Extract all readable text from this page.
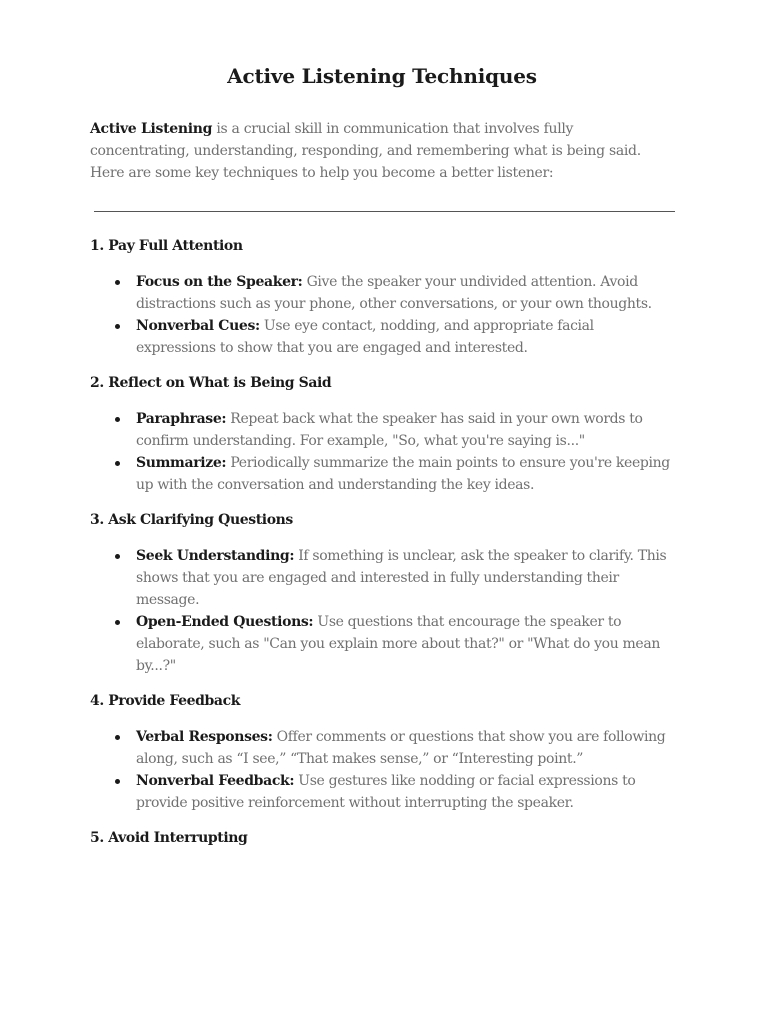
Active Listening Techniques

Active Listening is a crucial skill in communication that involves fully concentrating, understanding, responding, and remembering what is being said. Here are some key techniques to help you become a better listener:

1. Pay Full Attention
Focus on the Speaker: Give the speaker your undivided attention. Avoid distractions such as your phone, other conversations, or your own thoughts.
Nonverbal Cues: Use eye contact, nodding, and appropriate facial expressions to show that you are engaged and interested.
2. Reflect on What is Being Said
Paraphrase: Repeat back what the speaker has said in your own words to confirm understanding. For example, "So, what you're saying is..."
Summarize: Periodically summarize the main points to ensure you're keeping up with the conversation and understanding the key ideas.
3. Ask Clarifying Questions
Seek Understanding: If something is unclear, ask the speaker to clarify. This shows that you are engaged and interested in fully understanding their message.
Open-Ended Questions: Use questions that encourage the speaker to elaborate, such as "Can you explain more about that?" or "What do you mean by...?"
4. Provide Feedback
Verbal Responses: Offer comments or questions that show you are following along, such as “I see,” “That makes sense,” or “Interesting point.”
Nonverbal Feedback: Use gestures like nodding or facial expressions to provide positive reinforcement without interrupting the speaker.
5. Avoid Interrupting
